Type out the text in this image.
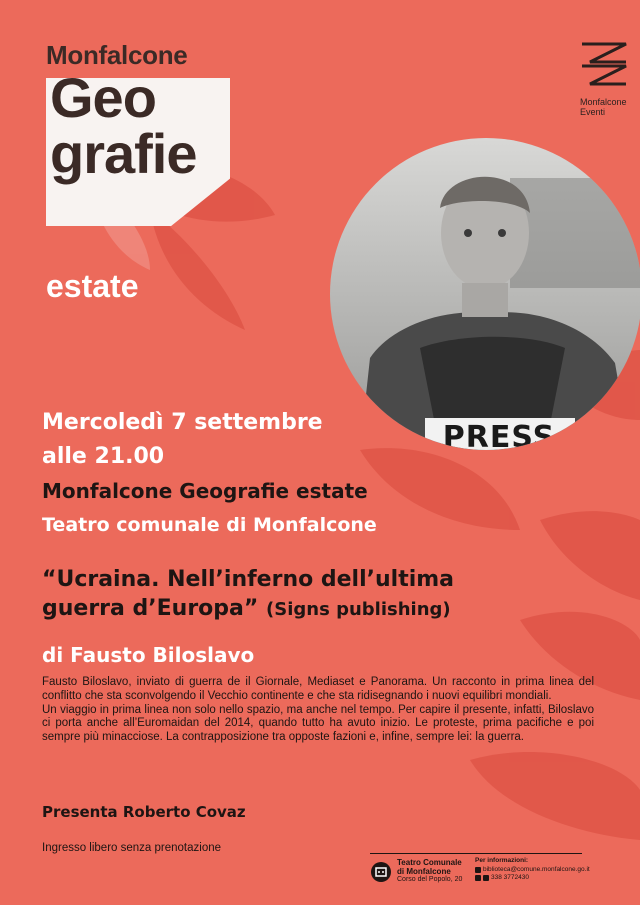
Monfalcone
Geo
grafie
estate
Monfalcone
Eventi
PRESS
Mercoledì 7 settembre
alle 21.00
Monfalcone Geografie estate
Teatro comunale di Monfalcone
“Ucraina. Nell’inferno dell’ultima
guerra d’Europa” (Signs publishing)
di Fausto Biloslavo
Fausto Biloslavo, inviato di guerra de il Giornale, Mediaset e Panorama. Un racconto in prima linea del conflitto che sta sconvolgendo il Vecchio continente e che sta ridisegnando i nuovi equilibri mondiali.
Un viaggio in prima linea non solo nello spazio, ma anche nel tempo. Per capire il presente, infatti, Biloslavo ci porta anche all’Euromaidan del 2014, quando tutto ha avuto inizio. Le proteste, prima pacifiche e poi sempre più minacciose. La contrapposizione tra opposte fazioni e, infine, sempre lei: la guerra.
Presenta Roberto Covaz
Ingresso libero senza prenotazione
Teatro Comunale
di Monfalcone
Corso del Popolo, 20
Per informazioni:
biblioteca@comune.monfalcone.go.it
338 3772430
